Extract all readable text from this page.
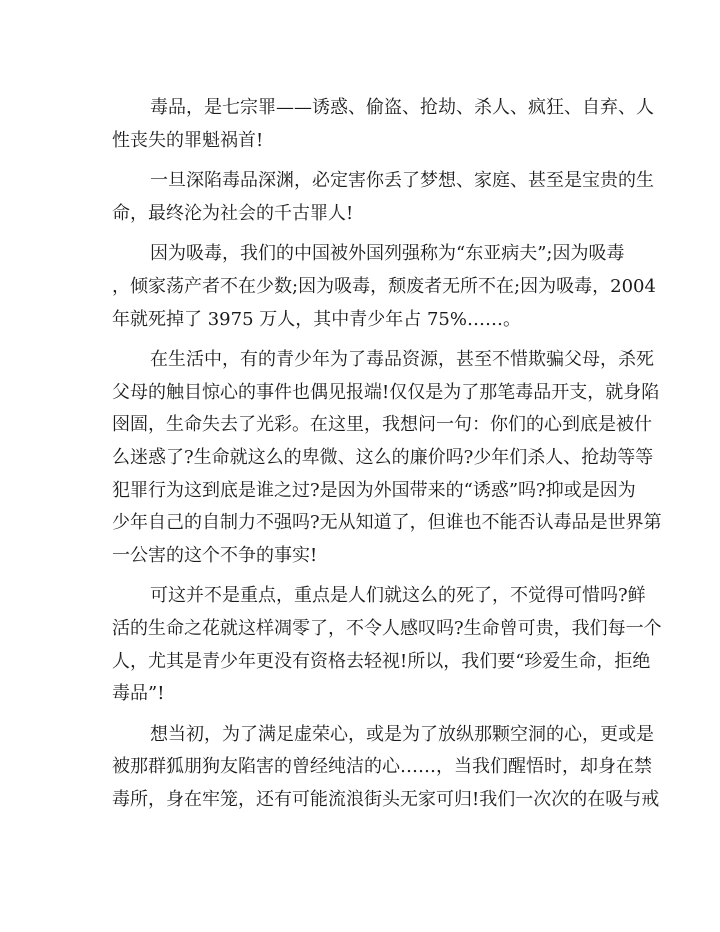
毒品，是七宗罪——诱惑、偷盗、抢劫、杀人、疯狂、自弃、人
性丧失的罪魁祸首!

一旦深陷毒品深渊，必定害你丢了梦想、家庭、甚至是宝贵的生
命，最终沦为社会的千古罪人!

因为吸毒，我们的中国被外国列强称为“东亚病夫”;因为吸毒
，倾家荡产者不在少数;因为吸毒，颓废者无所不在;因为吸毒，2004
年就死掉了 3975 万人，其中青少年占 75%……。

在生活中，有的青少年为了毒品资源，甚至不惜欺骗父母，杀死
父母的触目惊心的事件也偶见报端!仅仅是为了那笔毒品开支，就身陷
囹圄，生命失去了光彩。在这里，我想问一句：你们的心到底是被什
么迷惑了?生命就这么的卑微、这么的廉价吗?少年们杀人、抢劫等等
犯罪行为这到底是谁之过?是因为外国带来的“诱惑”吗?抑或是因为
少年自己的自制力不强吗?无从知道了，但谁也不能否认毒品是世界第
一公害的这个不争的事实!

可这并不是重点，重点是人们就这么的死了，不觉得可惜吗?鲜
活的生命之花就这样凋零了，不令人感叹吗?生命曾可贵，我们每一个
人，尤其是青少年更没有资格去轻视!所以，我们要“珍爱生命，拒绝
毒品”!

想当初，为了满足虚荣心，或是为了放纵那颗空洞的心，更或是
被那群狐朋狗友陷害的曾经纯洁的心……，当我们醒悟时，却身在禁
毒所，身在牢笼，还有可能流浪街头无家可归!我们一次次的在吸与戒
